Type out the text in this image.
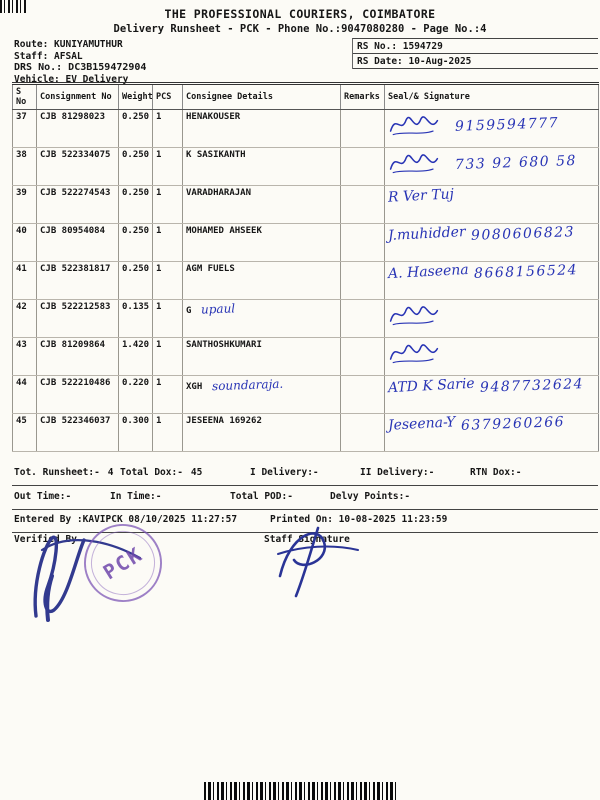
THE PROFESSIONAL COURIERS, COIMBATORE
Delivery Runsheet - PCK - Phone No.:9047080280 - Page No.:4
Route: KUNIYAMUTHUR
Staff: AFSAL
DRS No.: DC3B159472904
Vehicle: EV Delivery
RS No.: 1594729
RS Date: 10-Aug-2025
S No	Consignment No	Weight	PCS	Consignee Details	Remarks	Seal/& Signature
37	CJB 81298023	0.250	1	HENAKOUSER		9159594777
38	CJB 522334075	0.250	1	K SASIKANTH		733 92 680 58
39	CJB 522274543	0.250	1	VARADHARAJAN		R Ver Tuj
40	CJB 80954084	0.250	1	MOHAMED AHSEEK		J.muhidder 9080606823
41	CJB 522381817	0.250	1	AGM FUELS		A. Haseena 8668156524
42	CJB 522212583	0.135	1	G upaul		
43	CJB 81209864	1.420	1	SANTHOSHKUMARI		
44	CJB 522210486	0.220	1	XGH soundaraja.		ATD K Sarie 9487732624
45	CJB 522346037	0.300	1	JESEENA 169262		Jeseena-Y 6379260266
Tot. Runsheet:- 4 Total Dox:- 45	I Delivery:-	II Delivery:-	RTN Dox:-
Out Time:-	In Time:-	Total POD:-	Delvy Points:-
Entered By :KAVIPCK 08/10/2025 11:27:57	Printed On: 10-08-2025 11:23:59
Verified By	Staff Signature
PCK
